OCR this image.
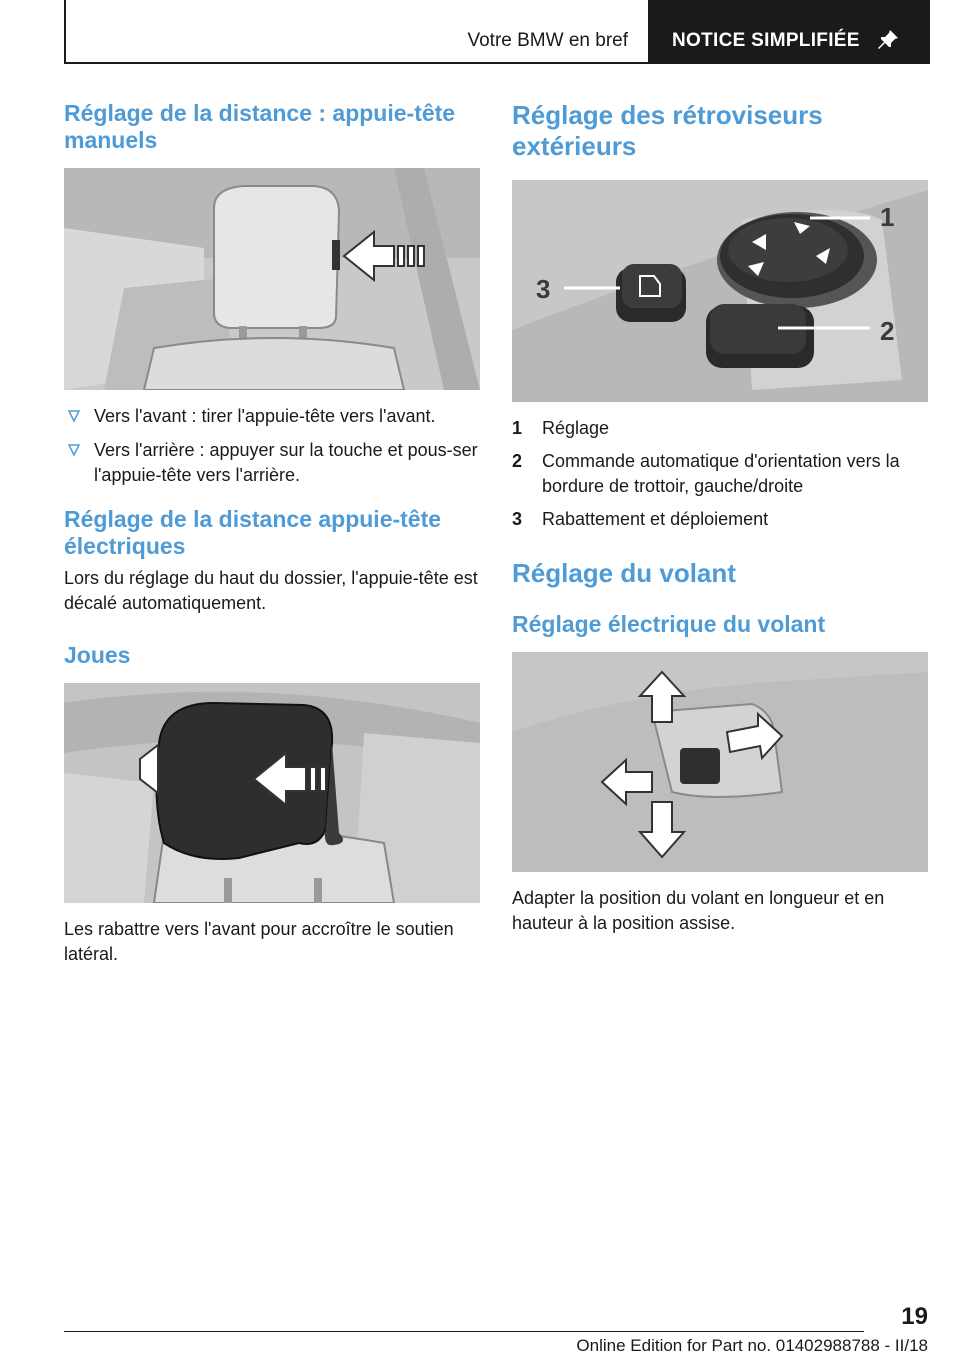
Votre BMW en bref NOTICE SIMPLIFIÉE
Réglage de la distance : appuie-tête manuels
Vers l'avant : tirer l'appuie-tête vers l'avant.
Vers l'arrière : appuyer sur la touche et pous-ser l'appuie-tête vers l'arrière.
Réglage de la distance appuie-tête électriques

Lors du réglage du haut du dossier, l'appuie-tête est décalé automatiquement.

Joues

Les rabattre vers l'avant pour accroître le soutien latéral.

Réglage des rétroviseurs extérieurs
1
2
3
1 Réglage
2 Commande automatique d'orientation vers la bordure de trottoir, gauche/droite
3 Rabattement et déploiement
Réglage du volant
Réglage électrique du volant

Adapter la position du volant en longueur et en hauteur à la position assise.

19
Online Edition for Part no. 01402988788 - II/18
